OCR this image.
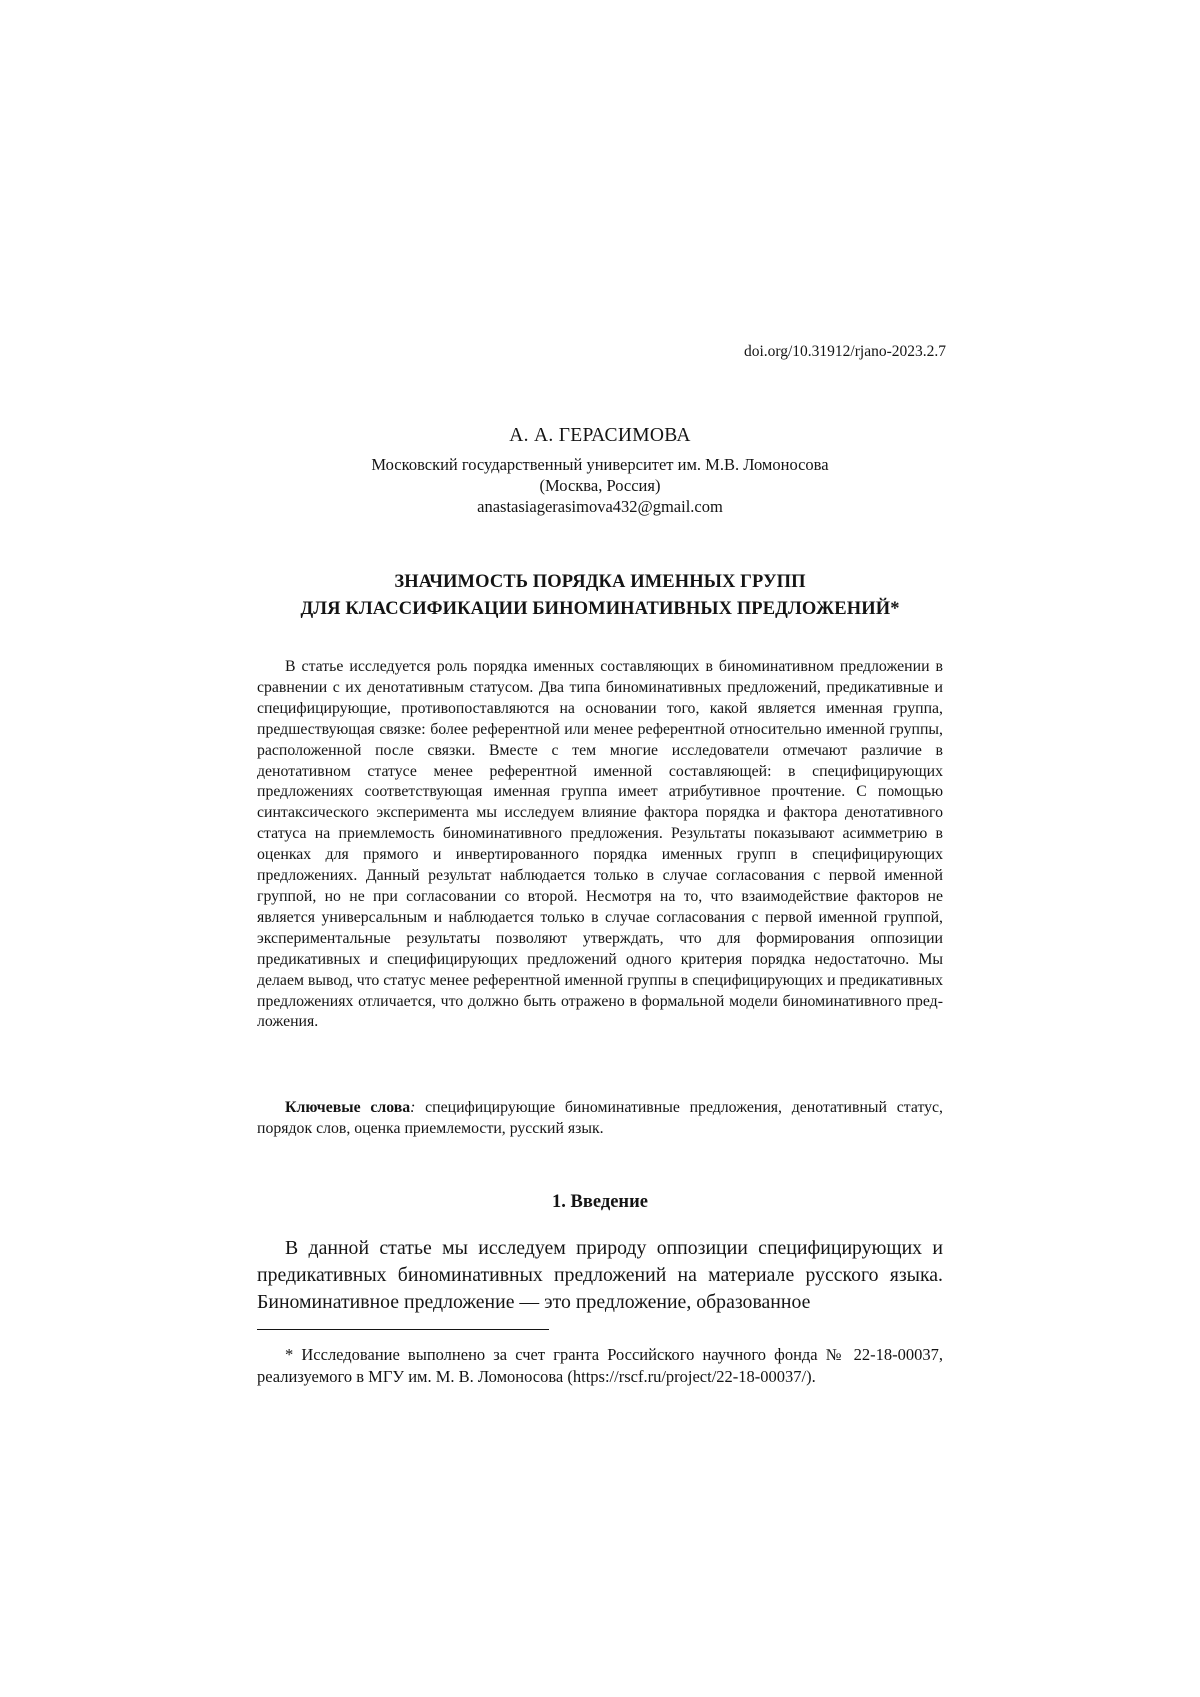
doi.org/10.31912/rjano-2023.2.7
А. А. ГЕРАСИМОВА
Московский государственный университет им. М.В. Ломоносова
(Москва, Россия)
anastasiagerasimova432@gmail.com
ЗНАЧИМОСТЬ ПОРЯДКА ИМЕННЫХ ГРУПП
ДЛЯ КЛАССИФИКАЦИИ БИНОМИНАТИВНЫХ ПРЕДЛОЖЕНИЙ*

В статье исследуется роль порядка именных составляющих в биноминативном предложении в сравнении с их денотативным статусом. Два типа биноминативных предложений, предикативные и специфицирующие, противопоставляются на основании того, какой является именная группа, предшествующая связке: более референтной или менее референтной относительно именной группы, расположенной после связки. Вместе с тем многие исследователи отмечают различие в денотативном статусе менее референтной именной составляющей: в специфицирующих предложениях соответствующая именная группа имеет атрибутивное прочтение. С помощью синтаксического эксперимента мы исследуем влияние фактора порядка и фактора денотативного статуса на приемлемость биноминативного предложения. Результаты показывают асимметрию в оценках для прямого и инвертированного порядка именных групп в специфицирующих предложениях. Данный результат наблюдается только в случае согласования с первой именной группой, но не при согласовании со второй. Несмотря на то, что взаимодействие факторов не является универсальным и наблюдается только в случае согласования с первой именной группой, экспериментальные результаты позволяют утверждать, что для формирования оппозиции предикативных и специфицирующих предложений одного критерия порядка недостаточно. Мы делаем вывод, что статус менее референтной именной группы в специфицирующих и предикативных предложениях отличается, что должно быть отражено в формальной модели биноминативного предложения.

Ключевые слова: специфицирующие биноминативные предложения, денотативный статус, порядок слов, оценка приемлемости, русский язык.
1. Введение
В данной статье мы исследуем природу оппозиции специфицирующих и предикативных биноминативных предложений на материале русского языка. Биноминативное предложение — это предложение, образованное
* Исследование выполнено за счет гранта Российского научного фонда № 22-18-00037, реализуемого в МГУ им. М. В. Ломоносова (https://rscf.ru/project/22-18-00037/).
